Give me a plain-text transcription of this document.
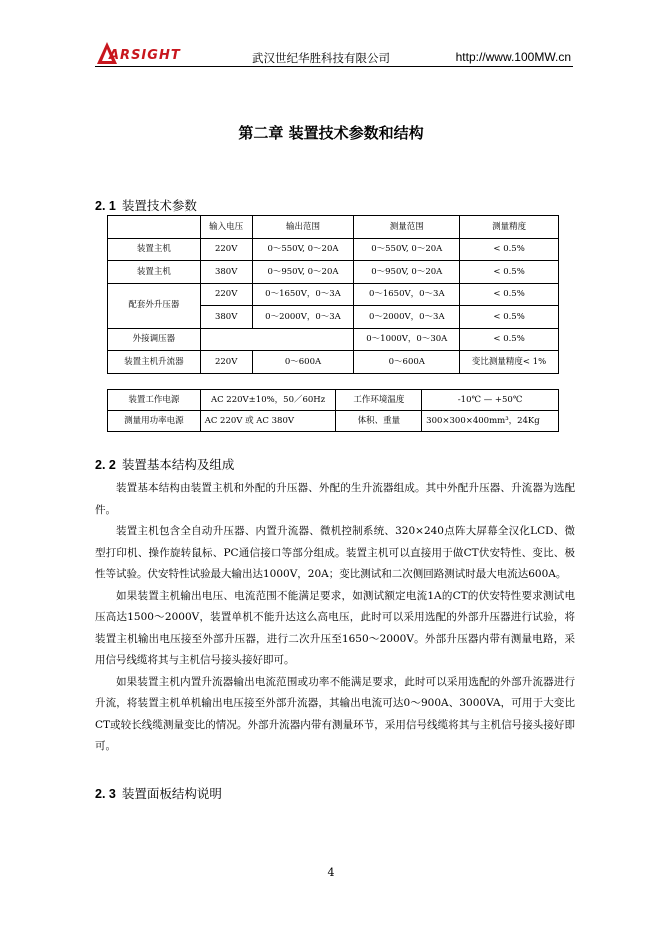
ARSIGHT	武汉世纪华胜科技有限公司	http://www.100MW.cn
第二章 装置技术参数和结构
2. 1 装置技术参数
	输入电压	输出范围	测量范围	测量精度
装置主机	220V	0～550V, 0～20A	0～550V, 0～20A	< 0.5%
装置主机	380V	0～950V, 0～20A	0～950V, 0～20A	< 0.5%
配套外升压器	220V	0～1650V，0～3A	0～1650V，0～3A	< 0.5%
	380V	0～2000V，0～3A	0～2000V，0～3A	< 0.5%
外接调压器			0～1000V，0～30A	< 0.5%
装置主机升流器	220V	0～600A	0～600A	变比测量精度< 1%
装置工作电源	AC 220V±10%，50／60Hz	工作环境温度	-10℃ — +50℃
测量用功率电源	AC 220V 或 AC 380V	体积、重量	300×300×400mm³，24Kg
2. 2 装置基本结构及组成

装置基本结构由装置主机和外配的升压器、外配的生升流器组成。其中外配升压器、升流器为选配件。

装置主机包含全自动升压器、内置升流器、微机控制系统、320×240点阵大屏幕全汉化LCD、微型打印机、操作旋转鼠标、PC通信接口等部分组成。装置主机可以直接用于做CT伏安特性、变比、极性等试验。伏安特性试验最大输出达1000V，20A；变比测试和二次侧回路测试时最大电流达600A。

如果装置主机输出电压、电流范围不能满足要求，如测试额定电流1A的CT的伏安特性要求测试电压高达1500～2000V，装置单机不能升达这么高电压，此时可以采用选配的外部升压器进行试验，将装置主机输出电压接至外部升压器，进行二次升压至1650～2000V。外部升压器内带有测量电路，采用信号线缆将其与主机信号接头接好即可。

如果装置主机内置升流器输出电流范围或功率不能满足要求，此时可以采用选配的外部升流器进行升流，将装置主机单机输出电压接至外部升流器，其输出电流可达0～900A、3000VA，可用于大变比CT或较长线缆测量变比的情况。外部升流器内带有测量环节，采用信号线缆将其与主机信号接头接好即可。

2. 3 装置面板结构说明
4
